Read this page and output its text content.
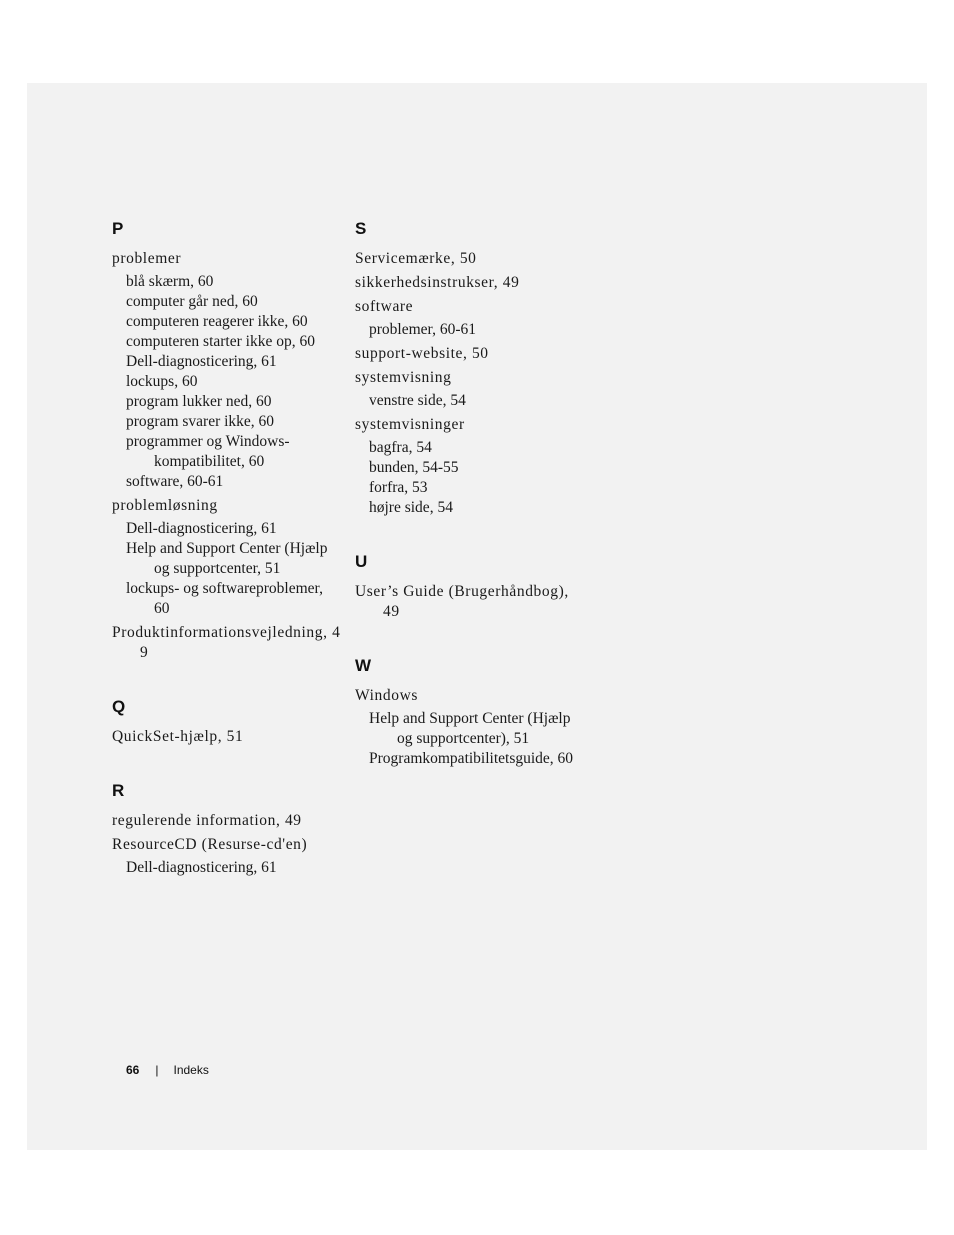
P
problemer
blå skærm, 60
computer går ned, 60
computeren reagerer ikke, 60
computeren starter ikke op, 60
Dell-diagnosticering, 61
lockups, 60
program lukker ned, 60
program svarer ikke, 60
programmer og Windows-kompatibilitet, 60
software, 60-61
problemløsning
Dell-diagnosticering, 61
Help and Support Center (Hjælp og supportcenter, 51
lockups- og softwareproblemer, 60
Produktinformationsvejledning, 49
Q
QuickSet-hjælp, 51
R
regulerende information, 49
ResourceCD (Resurse-cd'en)
Dell-diagnosticering, 61
S
Servicemærke, 50
sikkerhedsinstrukser, 49
software
problemer, 60-61
support-website, 50
systemvisning
venstre side, 54
systemvisninger
bagfra, 54
bunden, 54-55
forfra, 53
højre side, 54
U
User’s Guide (Brugerhåndbog), 49
W
Windows
Help and Support Center (Hjælp og supportcenter), 51
Programkompatibilitetsguide, 60
66 | Indeks
